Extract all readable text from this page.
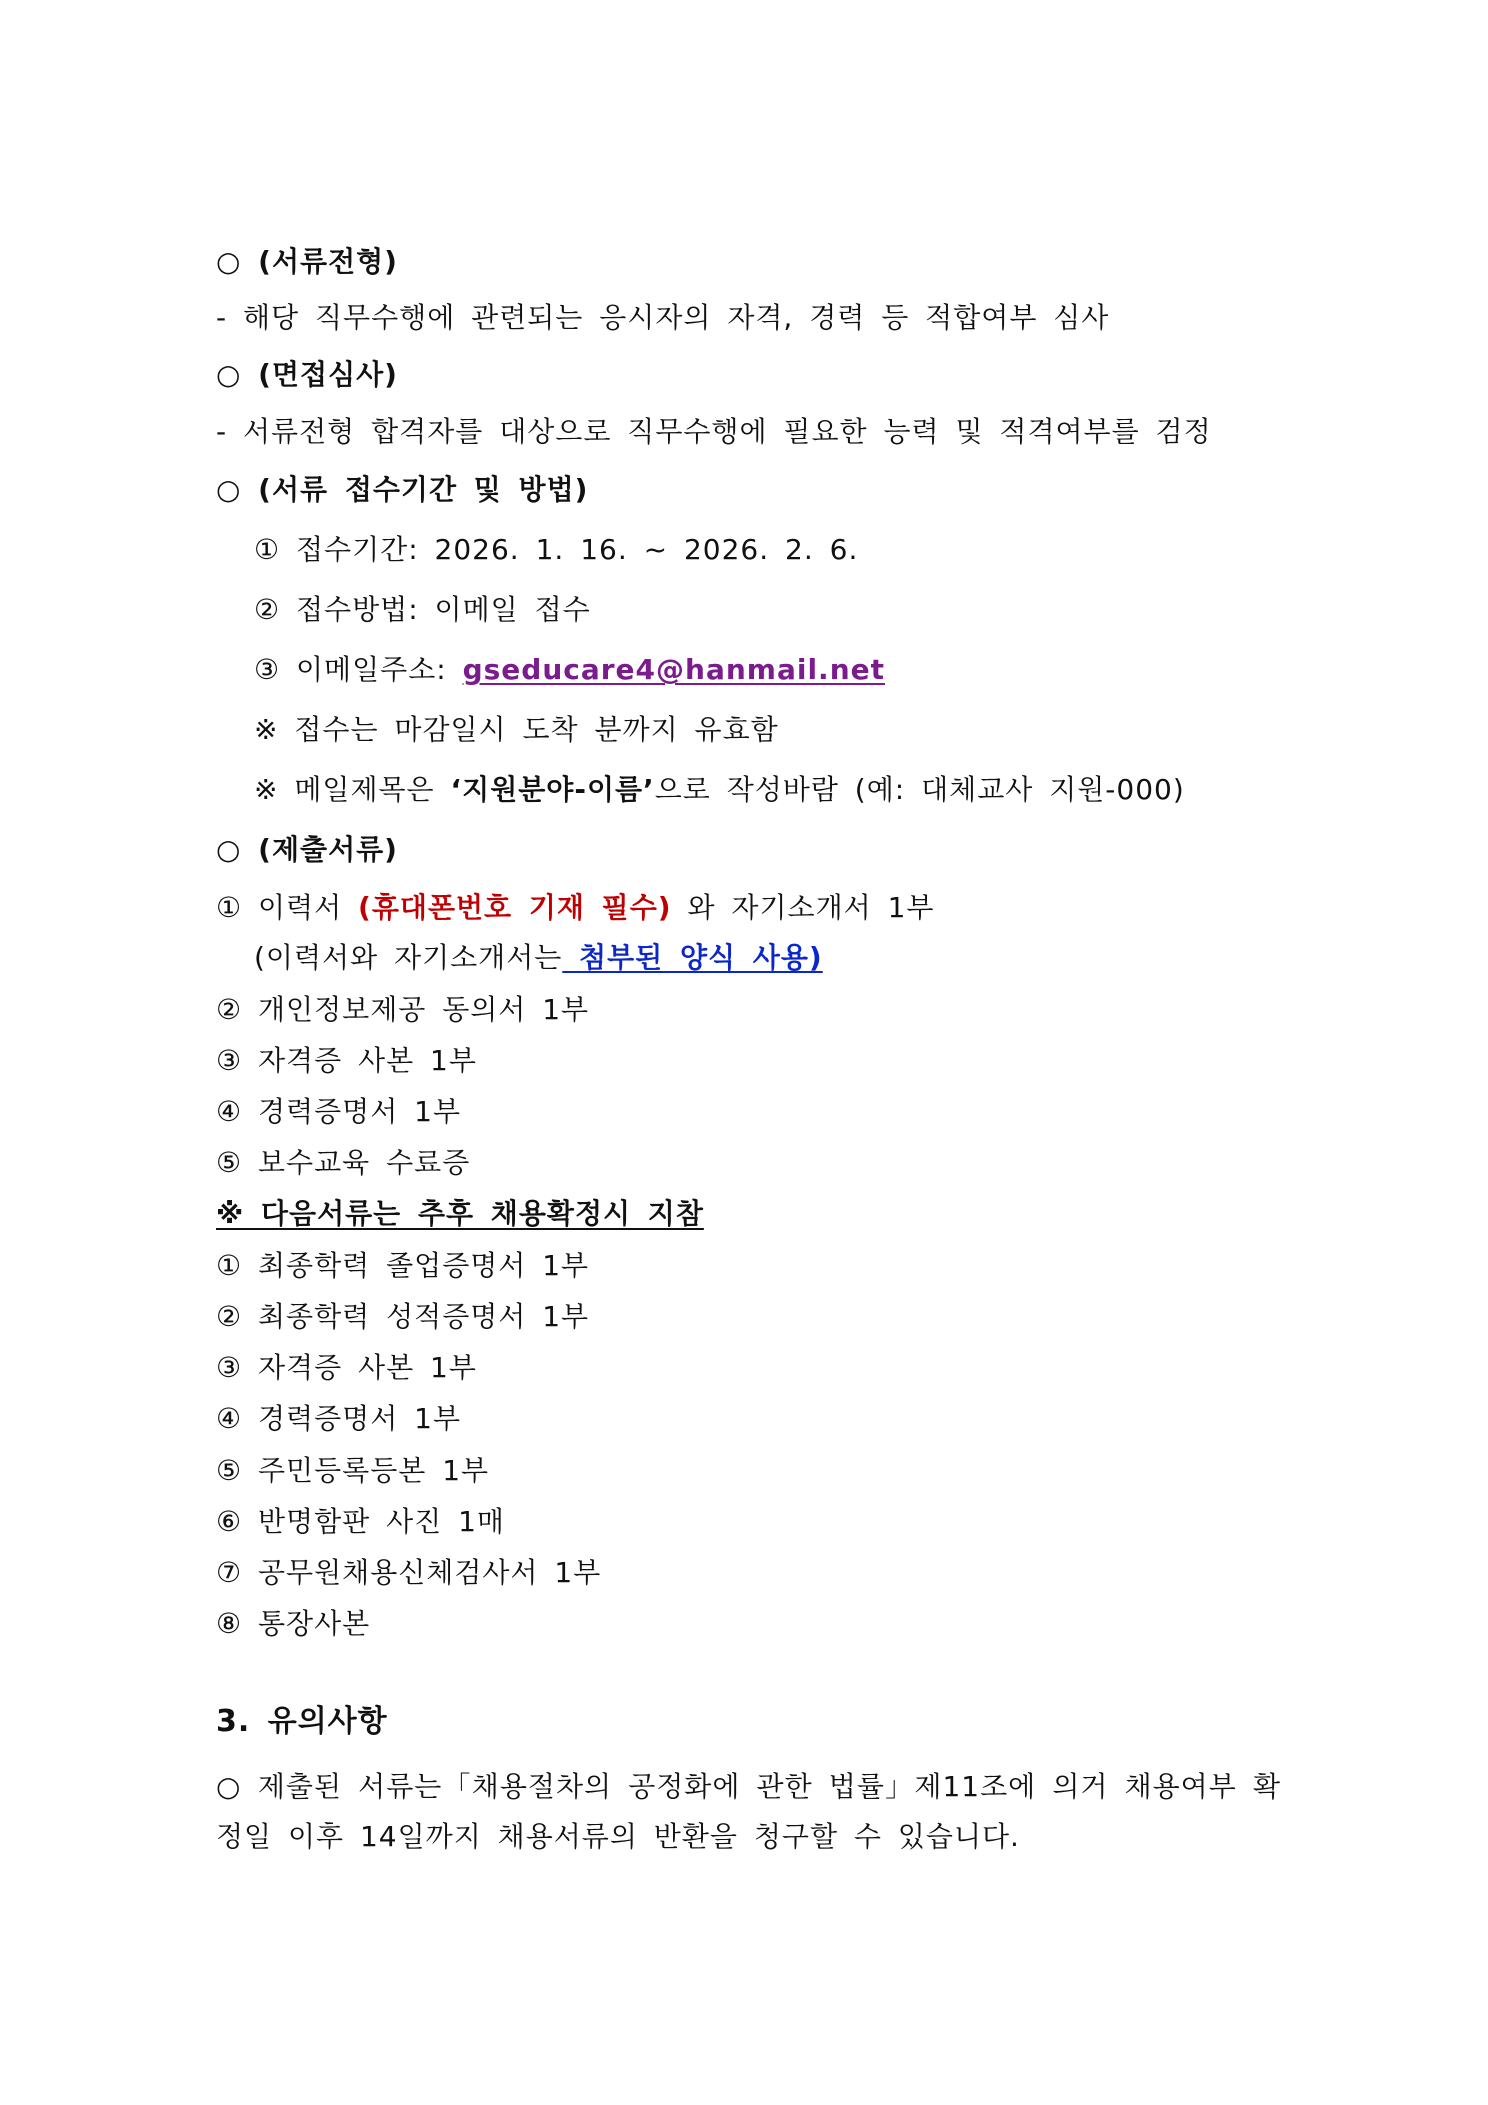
○ (서류전형)
- 해당 직무수행에 관련되는 응시자의 자격, 경력 등 적합여부 심사
○ (면접심사)
- 서류전형 합격자를 대상으로 직무수행에 필요한 능력 및 적격여부를 검정
○ (서류 접수기간 및 방법)
① 접수기간: 2026. 1. 16. ~ 2026. 2. 6.
② 접수방법: 이메일 접수
③ 이메일주소: gseducare4@hanmail.net
※ 접수는 마감일시 도착 분까지 유효함
※ 메일제목은 ‘지원분야-이름’으로 작성바람 (예: 대체교사 지원-000)
○ (제출서류)
① 이력서 (휴대폰번호 기재 필수) 와 자기소개서 1부
(이력서와 자기소개서는 첨부된 양식 사용)
② 개인정보제공 동의서 1부
③ 자격증 사본 1부
④ 경력증명서 1부
⑤ 보수교육 수료증
※ 다음서류는 추후 채용확정시 지참
① 최종학력 졸업증명서 1부
② 최종학력 성적증명서 1부
③ 자격증 사본 1부
④ 경력증명서 1부
⑤ 주민등록등본 1부
⑥ 반명함판 사진 1매
⑦ 공무원채용신체검사서 1부
⑧ 통장사본
3. 유의사항
○ 제출된 서류는「채용절차의 공정화에 관한 법률」제11조에 의거 채용여부 확정일 이후 14일까지 채용서류의 반환을 청구할 수 있습니다.
